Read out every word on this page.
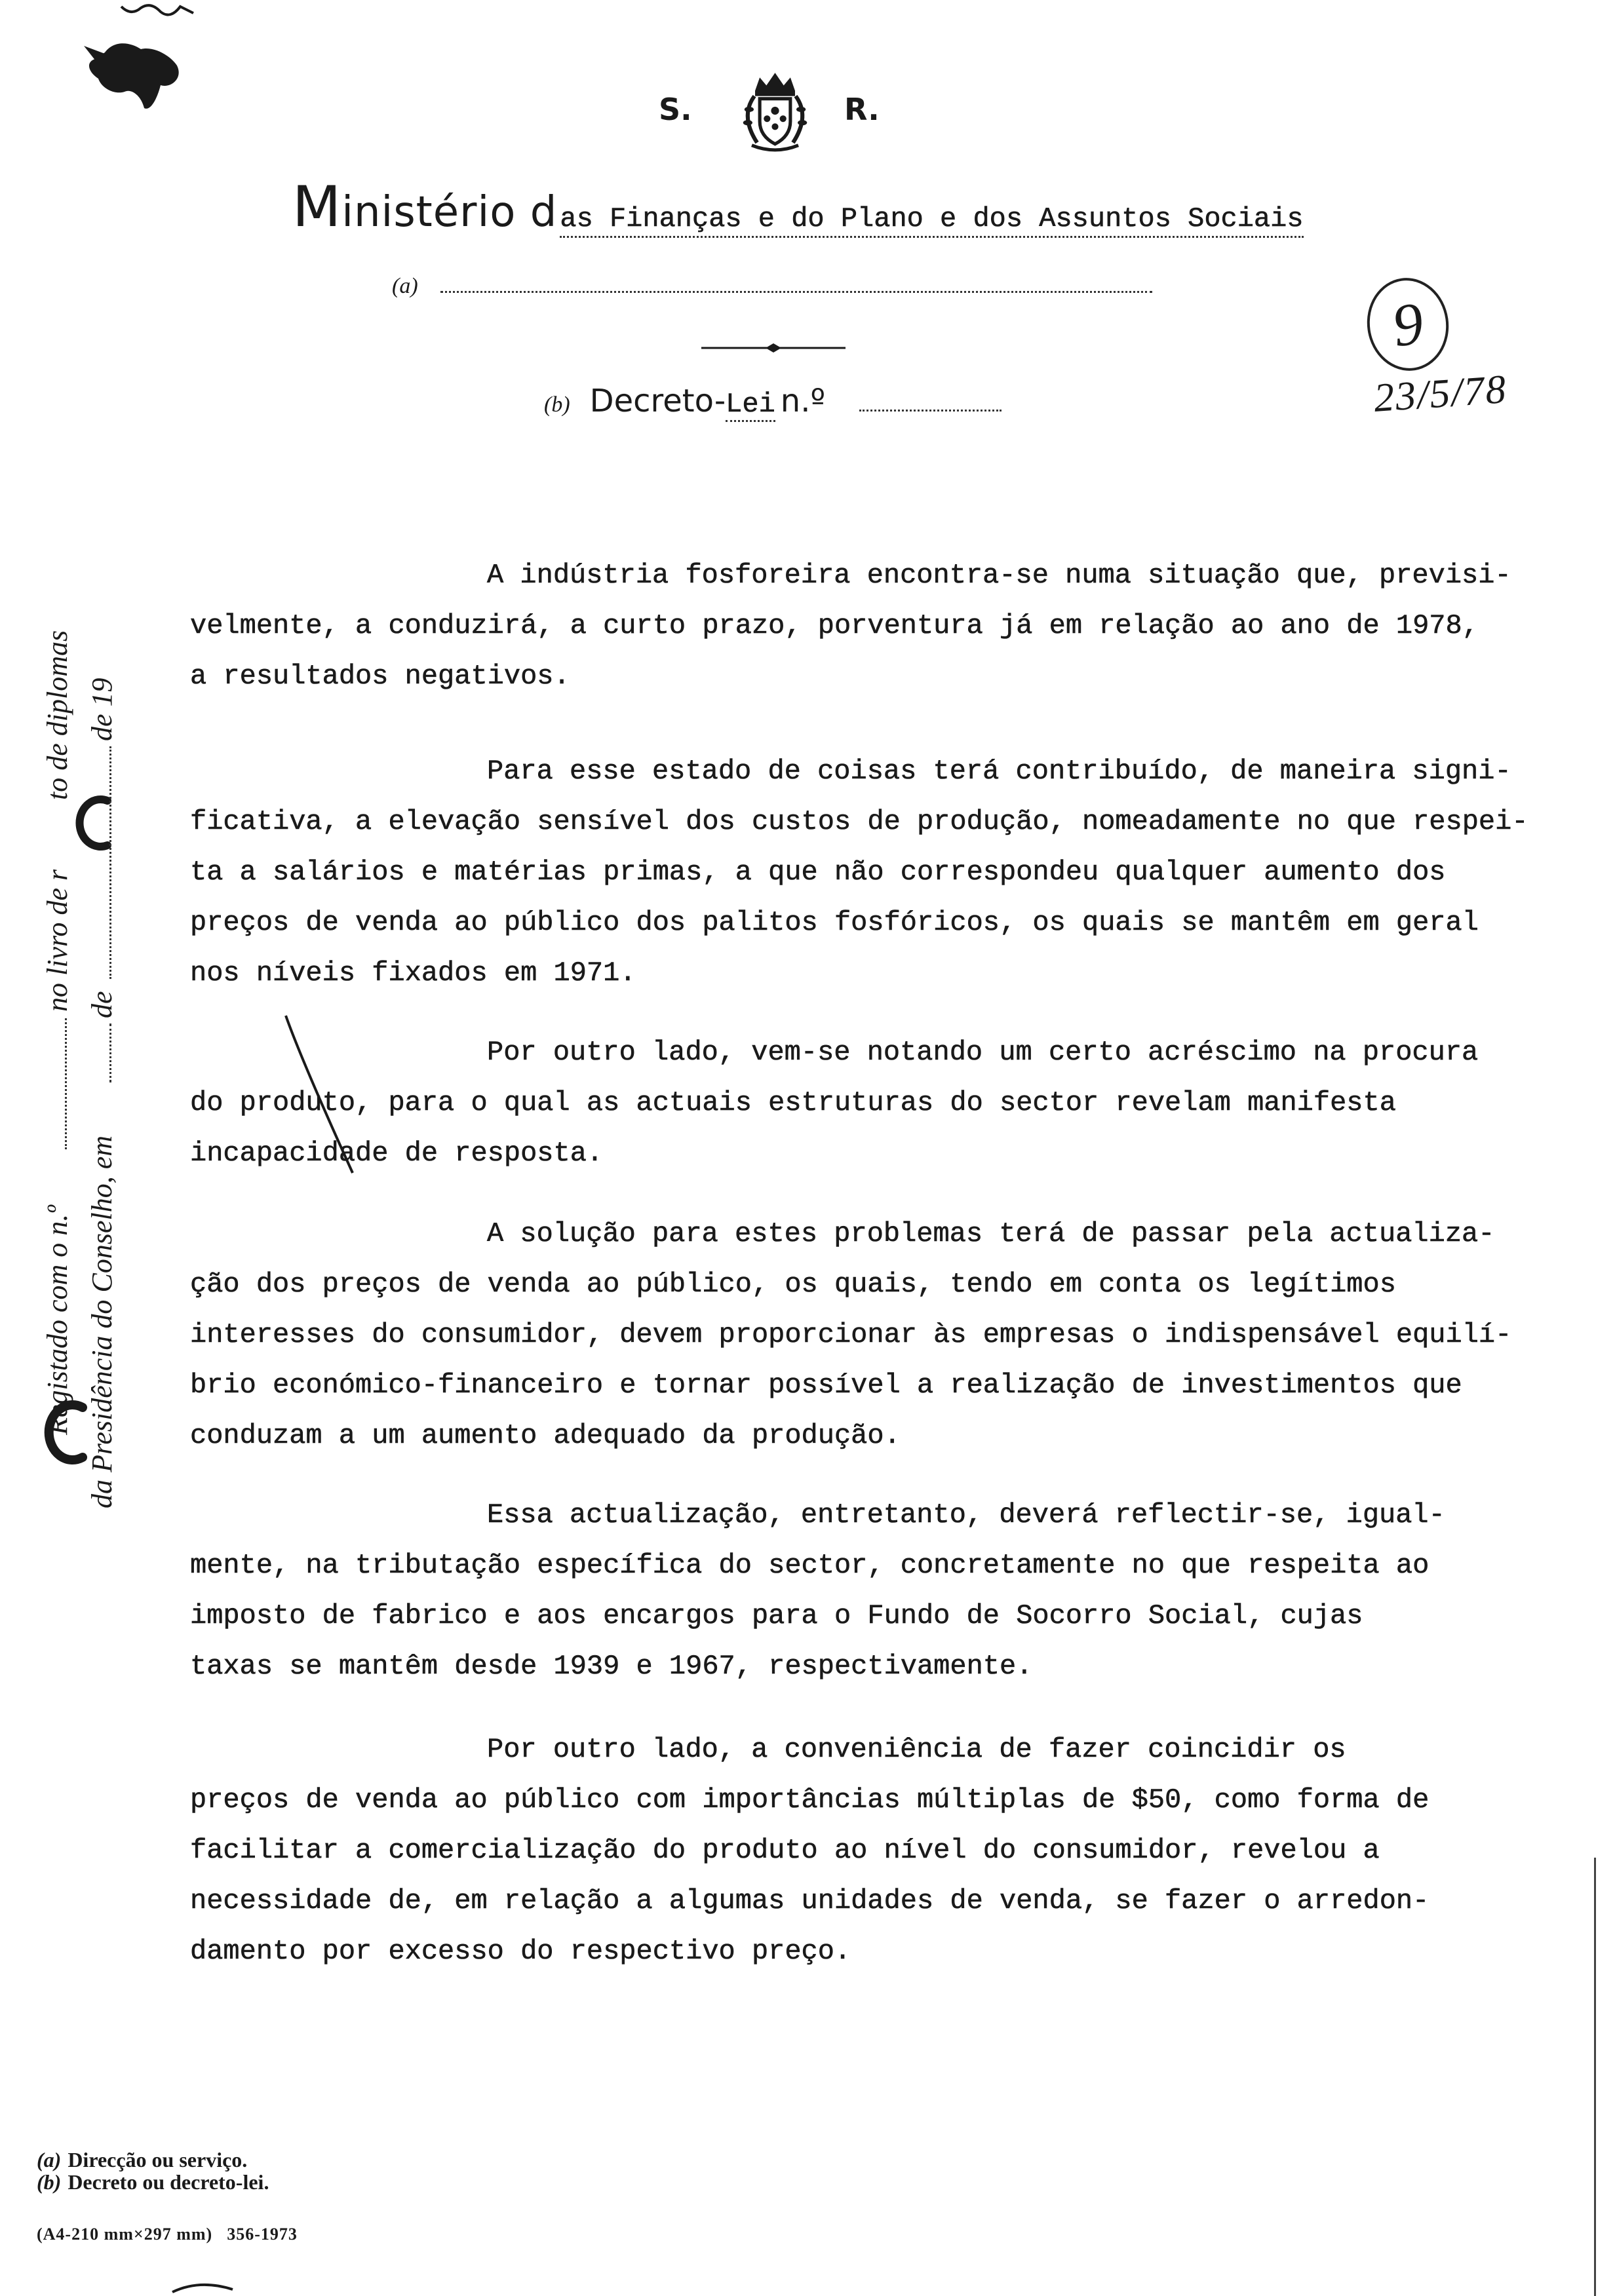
S.	R.
Ministério d as Finanças e do Plano e dos Assuntos Sociais
(a)
(b) Decreto- Lei n.º
9
23/5/78
Registado com o n.º
no livro de r
to de diplomas
da Presidência do Conselho, em
de
de 19
A indústria fosforeira encontra-se numa situação que, previsi-
velmente, a conduzirá, a curto prazo, porventura já em relação ao ano de 1978,
a resultados negativos.
Para esse estado de coisas terá contribuído, de maneira signi-
ficativa, a elevação sensível dos custos de produção, nomeadamente no que respei-
ta a salários e matérias primas, a que não correspondeu qualquer aumento dos
preços de venda ao público dos palitos fosfóricos, os quais se mantêm em geral
nos níveis fixados em 1971.
Por outro lado, vem-se notando um certo acréscimo na procura
do produto, para o qual as actuais estruturas do sector revelam manifesta
incapacidade de resposta.
A solução para estes problemas terá de passar pela actualiza-
ção dos preços de venda ao público, os quais, tendo em conta os legítimos
interesses do consumidor, devem proporcionar às empresas o indispensável equilí-
brio económico-financeiro e tornar possível a realização de investimentos que
conduzam a um aumento adequado da produção.
Essa actualização, entretanto, deverá reflectir-se, igual-
mente, na tributação específica do sector, concretamente no que respeita ao
imposto de fabrico e aos encargos para o Fundo de Socorro Social, cujas
taxas se mantêm desde 1939 e 1967, respectivamente.
Por outro lado, a conveniência de fazer coincidir os
preços de venda ao público com importâncias múltiplas de $50, como forma de
facilitar a comercialização do produto ao nível do consumidor, revelou a
necessidade de, em relação a algumas unidades de venda, se fazer o arredon-
damento por excesso do respectivo preço.
(a) Direcção ou serviço.
(b) Decreto ou decreto-lei.
(A4-210 mm×297 mm) 356-1973
